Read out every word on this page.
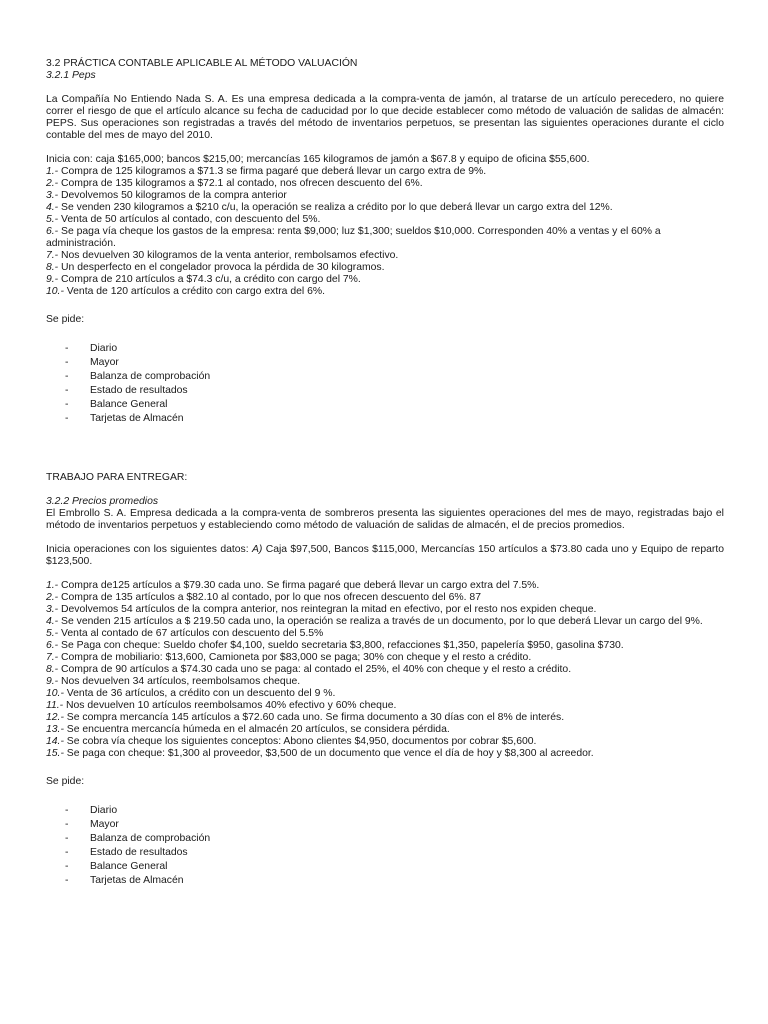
3.2 PRÁCTICA CONTABLE APLICABLE AL MÉTODO VALUACIÓN

3.2.1 Peps

La Compañía No Entiendo Nada S. A. Es una empresa dedicada a la compra-venta de jamón, al tratarse de un artículo perecedero, no quiere correr el riesgo de que el artículo alcance su fecha de caducidad por lo que decide establecer como método de valuación de salidas de almacén: PEPS. Sus operaciones son registradas a través del método de inventarios perpetuos, se presentan las siguientes operaciones durante el ciclo contable del mes de mayo del 2010.

Inicia con: caja $165,000; bancos $215,00; mercancías 165 kilogramos de jamón a $67.8 y equipo de oficina $55,600.

1.- Compra de 125 kilogramos a $71.3 se firma pagaré que deberá llevar un cargo extra de 9%.

2.- Compra de 135 kilogramos a $72.1 al contado, nos ofrecen descuento del 6%.

3.- Devolvemos 50 kilogramos de la compra anterior

4.- Se venden 230 kilogramos a $210 c/u, la operación se realiza a crédito por lo que deberá llevar un cargo extra del 12%.

5.- Venta de 50 artículos al contado, con descuento del 5%.

6.- Se paga vía cheque los gastos de la empresa: renta $9,000; luz $1,300; sueldos $10,000. Corresponden 40% a ventas y el 60% a administración.

7.- Nos devuelven 30 kilogramos de la venta anterior, rembolsamos efectivo.

8.- Un desperfecto en el congelador provoca la pérdida de 30 kilogramos.

9.- Compra de 210 artículos a $74.3 c/u, a crédito con cargo del 7%.

10.- Venta de 120 artículos a crédito con cargo extra del 6%.

Se pide:

- Diario
- Mayor
- Balanza de comprobación
- Estado de resultados
- Balance General
- Tarjetas de Almacén

TRABAJO PARA ENTREGAR:

3.2.2 Precios promedios

El Embrollo S. A. Empresa dedicada a la compra-venta de sombreros presenta las siguientes operaciones del mes de mayo, registradas bajo el método de inventarios perpetuos y estableciendo como método de valuación de salidas de almacén, el de precios promedios.

Inicia operaciones con los siguientes datos: A) Caja $97,500, Bancos $115,000, Mercancías 150 artículos a $73.80 cada uno y Equipo de reparto $123,500.

1.- Compra de125 artículos a $79.30 cada uno. Se firma pagaré que deberá llevar un cargo extra del 7.5%.

2.- Compra de 135 artículos a $82.10 al contado, por lo que nos ofrecen descuento del 6%. 87

3.- Devolvemos 54 artículos de la compra anterior, nos reintegran la mitad en efectivo, por el resto nos expiden cheque.

4.- Se venden 215 artículos a $ 219.50 cada uno, la operación se realiza a través de un documento, por lo que deberá Llevar un cargo del 9%.

5.- Venta al contado de 67 artículos con descuento del 5.5%

6.- Se Paga con cheque: Sueldo chofer $4,100, sueldo secretaria $3,800, refacciones $1,350, papelería $950, gasolina $730.

7.- Compra de mobiliario: $13,600, Camioneta por $83,000 se paga; 30% con cheque y el resto a crédito.

8.- Compra de 90 artículos a $74.30 cada uno se paga: al contado el 25%, el 40% con cheque y el resto a crédito.

9.- Nos devuelven 34 artículos, reembolsamos cheque.

10.- Venta de 36 artículos, a crédito con un descuento del 9 %.

11.- Nos devuelven 10 artículos reembolsamos 40% efectivo y 60% cheque.

12.- Se compra mercancía 145 artículos a $72.60 cada uno. Se firma documento a 30 días con el 8% de interés.

13.- Se encuentra mercancía húmeda en el almacén 20 artículos, se considera pérdida.

14.- Se cobra vía cheque los siguientes conceptos: Abono clientes $4,950, documentos por cobrar $5,600.

15.- Se paga con cheque: $1,300 al proveedor, $3,500 de un documento que vence el día de hoy y $8,300 al acreedor.

Se pide:

- Diario
- Mayor
- Balanza de comprobación
- Estado de resultados
- Balance General
- Tarjetas de Almacén
